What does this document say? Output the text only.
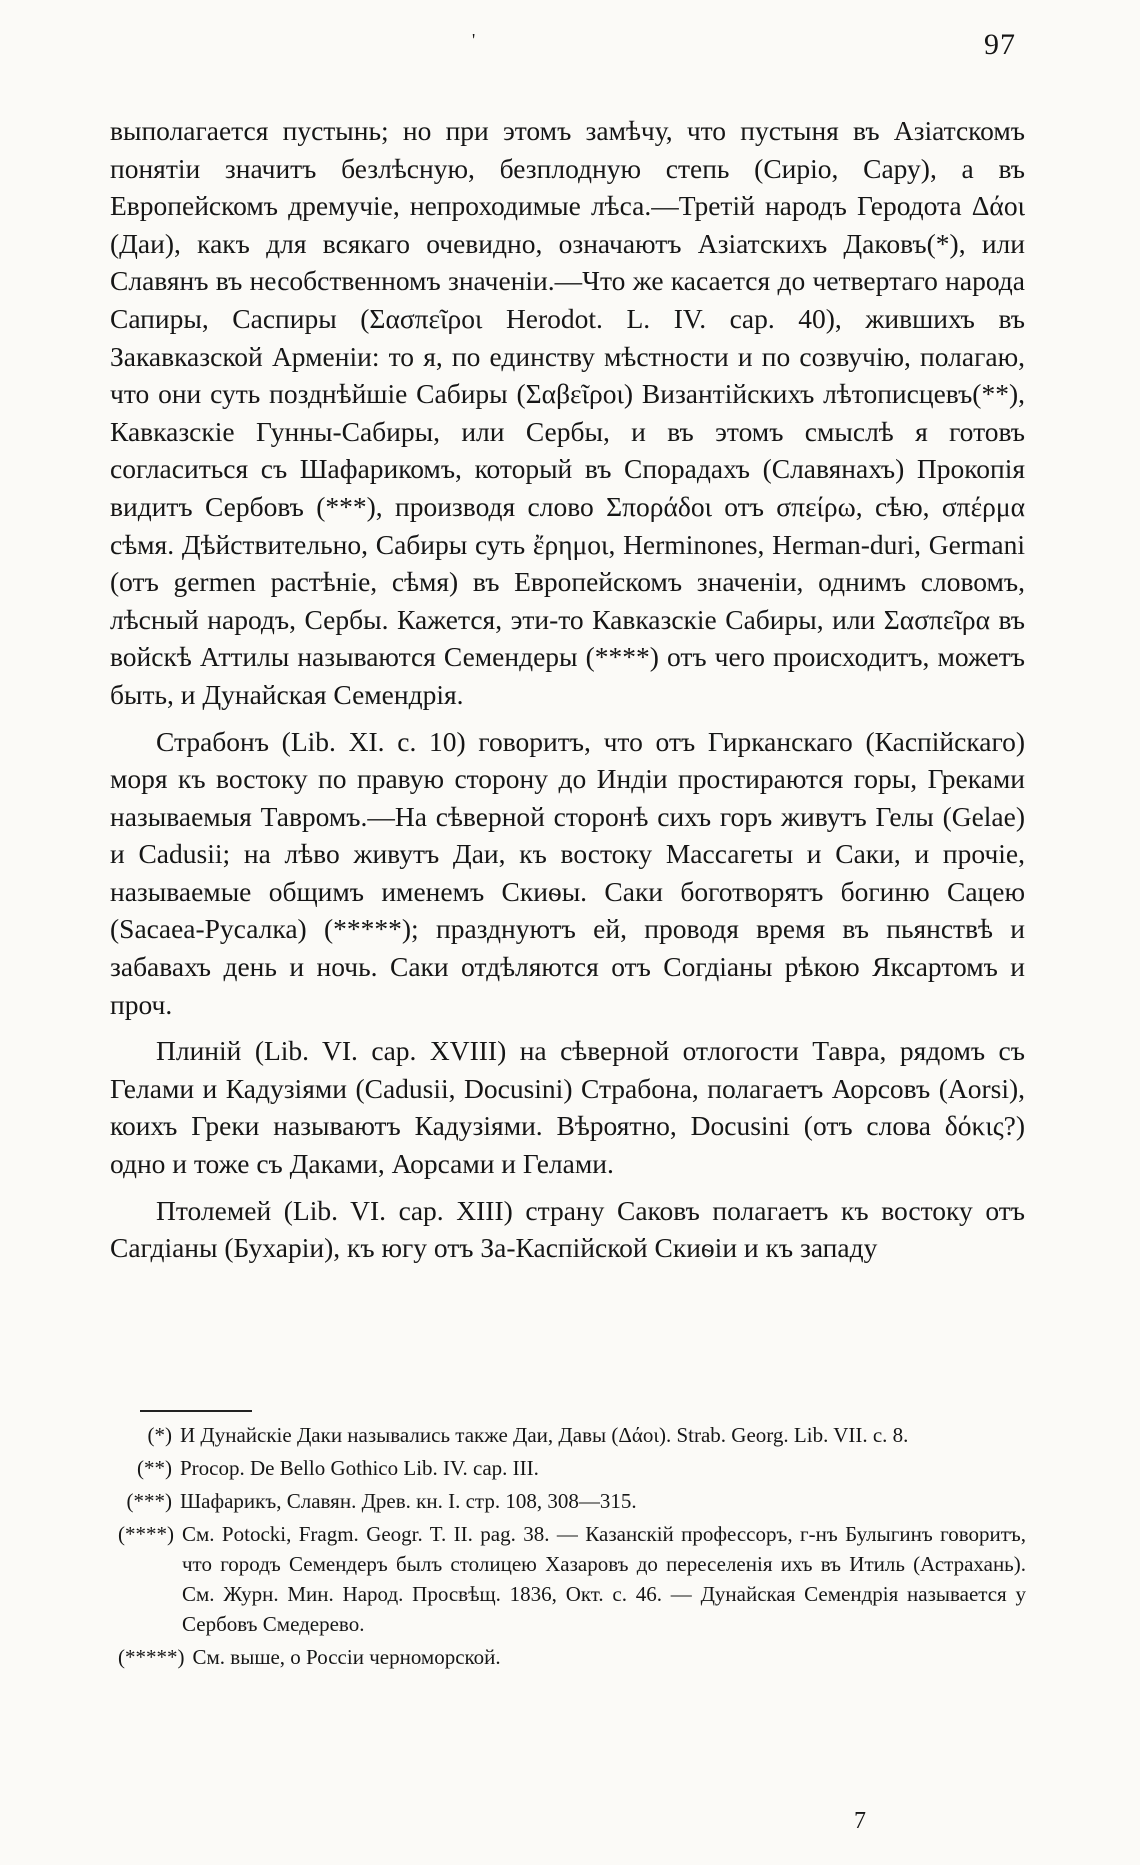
'	97

выполагается пустынь; но при этомъ замѣчу, что пустыня въ Азіатскомъ понятіи значитъ безлѣсную, безплодную степь (Сиріо, Сару), а въ Европейскомъ дремучіе, непроходимые лѣса.—Третій народъ Геродота Δάοι (Даи), какъ для всякаго очевидно, означаютъ Азіатскихъ Даковъ(*), или Славянъ въ несобственномъ значеніи.—Что же касается до четвертаго народа Сапиры, Саспиры (Σασπεῖροι Herodot. L. IV. cap. 40), жившихъ въ Закавказской Арменіи: то я, по единству мѣстности и по созвучію, полагаю, что они суть позднѣйшіе Сабиры (Σαβεῖροι) Византійскихъ лѣтописцевъ(**), Кавказскіе Гунны-Сабиры, или Сербы, и въ этомъ смыслѣ я готовъ согласиться съ Шафарикомъ, который въ Спорадахъ (Славянахъ) Прокопія видитъ Сербовъ (***), производя слово Σποράδοι отъ σπείρω, сѣю, σπέρμα сѣмя. Дѣйствительно, Сабиры суть ἔρημοι, Herminones, Herman-duri, Germani (отъ germen растѣніе, сѣмя) въ Европейскомъ значеніи, однимъ словомъ, лѣсный народъ, Сербы. Кажется, эти-то Кавказскіе Сабиры, или Σασπεῖρα въ войскѣ Аттилы называются Семендеры (****) отъ чего происходитъ, можетъ быть, и Дунайская Семендрія.

Страбонъ (Lib. XI. c. 10) говоритъ, что отъ Гирканскаго (Каспійскаго) моря къ востоку по правую сторону до Индіи простираются горы, Греками называемыя Тавромъ.—На сѣверной сторонѣ сихъ горъ живутъ Гелы (Gelae) и Cadusii; на лѣво живутъ Даи, къ востоку Массагеты и Саки, и прочіе, называемые общимъ именемъ Скиѳы. Саки боготворятъ богиню Сацею (Sacaea-Русалка) (*****); празднуютъ ей, проводя время въ пьянствѣ и забавахъ день и ночь. Саки отдѣляются отъ Согдіаны рѣкою Яксартомъ и проч.

Плиній (Lib. VI. cap. XVIII) на сѣверной отлогости Тавра, рядомъ съ Гелами и Кадузіями (Cadusii, Docusini) Страбона, полагаетъ Аорсовъ (Aorsi), коихъ Греки называютъ Кадузіями. Вѣроятно, Docusini (отъ слова δόκις?) одно и тоже съ Даками, Аорсами и Гелами.

Птолемей (Lib. VI. cap. XIII) страну Саковъ полагаетъ къ востоку отъ Сагдіаны (Бухаріи), къ югу отъ За-Каспійской Скиѳіи и къ западу

(*) И Дунайскіе Даки назывались также Даи, Давы (Δάοι). Strab. Georg. Lib. VII. c. 8.
(**) Procop. De Bello Gothico Lib. IV. cap. III.
(***) Шафарикъ, Славян. Древ. кн. I. стр. 108, 308—315.
(****) См. Potocki, Fragm. Geogr. T. II. pag. 38. — Казанскій профессоръ, г-нъ Булыгинъ говоритъ, что городъ Семендеръ былъ столицею Хазаровъ до переселенія ихъ въ Итиль (Астрахань). См. Журн. Мин. Народ. Просвѣщ. 1836, Окт. с. 46. — Дунайская Семендрія называется у Сербовъ Смедерево.
(*****) См. выше, о Россіи черноморской.
7
